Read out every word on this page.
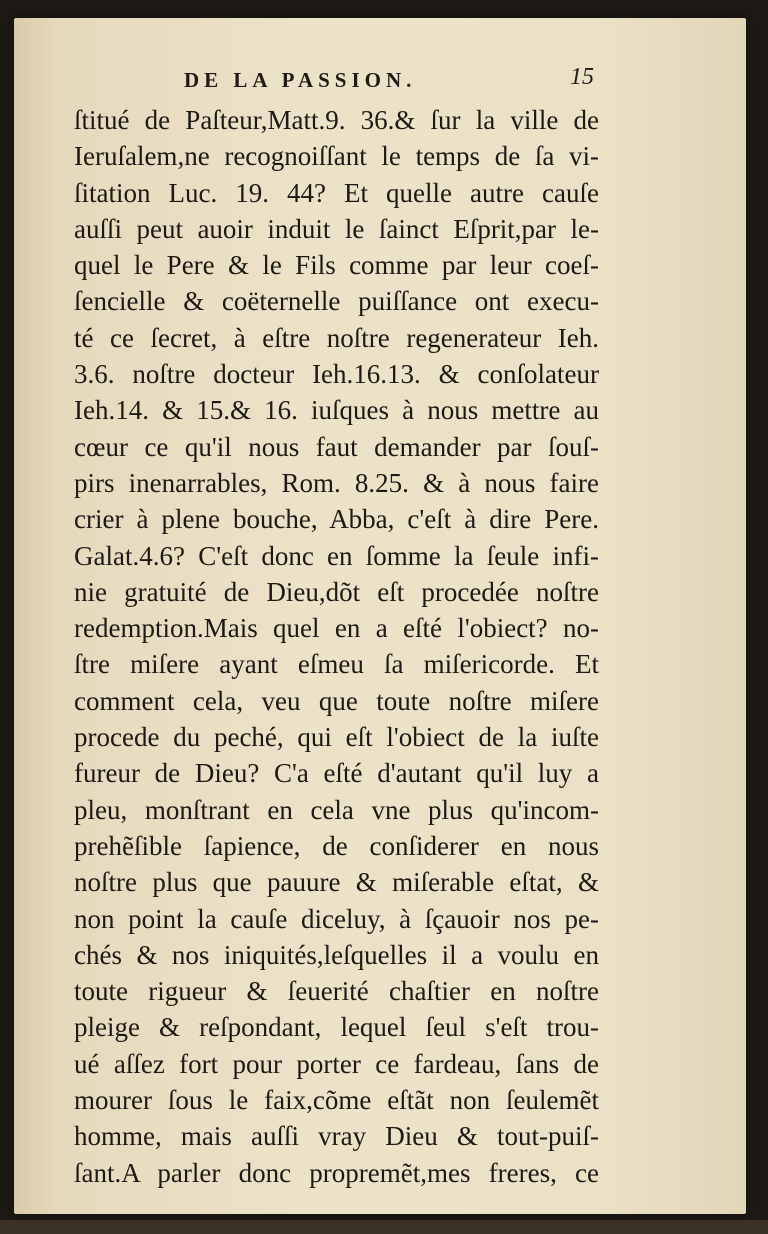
DE LA PASSION.	15
ſtitué de Paſteur,Matt.9. 36.& ſur la ville de
Ieruſalem,ne recognoiſſant le temps de ſa vi-
ſitation Luc. 19. 44? Et quelle autre cauſe
auſſi peut auoir induit le ſainct Eſprit,par le-
quel le Pere & le Fils comme par leur coeſ-
ſencielle & coëternelle puiſſance ont execu-
té ce ſecret, à eſtre noſtre regenerateur Ieh.
3.6. noſtre docteur Ieh.16.13. & conſolateur
Ieh.14. & 15.& 16. iuſques à nous mettre au
cœur ce qu'il nous faut demander par ſouſ-
pirs inenarrables, Rom. 8.25. & à nous faire
crier à plene bouche, Abba, c'eſt à dire Pere.
Galat.4.6? C'eſt donc en ſomme la ſeule infi-
nie gratuité de Dieu,dõt eſt procedée noſtre
redemption.Mais quel en a eſté l'obiect? no-
ſtre miſere ayant eſmeu ſa miſericorde. Et
comment cela, veu que toute noſtre miſere
procede du peché, qui eſt l'obiect de la iuſte
fureur de Dieu? C'a eſté d'autant qu'il luy a
pleu, monſtrant en cela vne plus qu'incom-
prehẽſible ſapience, de conſiderer en nous
noſtre plus que pauure & miſerable eſtat, &
non point la cauſe diceluy, à ſçauoir nos pe-
chés & nos iniquités,leſquelles il a voulu en
toute rigueur & ſeuerité chaſtier en noſtre
pleige & reſpondant, lequel ſeul s'eſt trou-
ué aſſez fort pour porter ce fardeau, ſans de
mourer ſous le faix,cõme eſtãt non ſeulemẽt
homme, mais auſſi vray Dieu & tout-puiſ-
ſant.A parler donc propremẽt,mes freres, ce
